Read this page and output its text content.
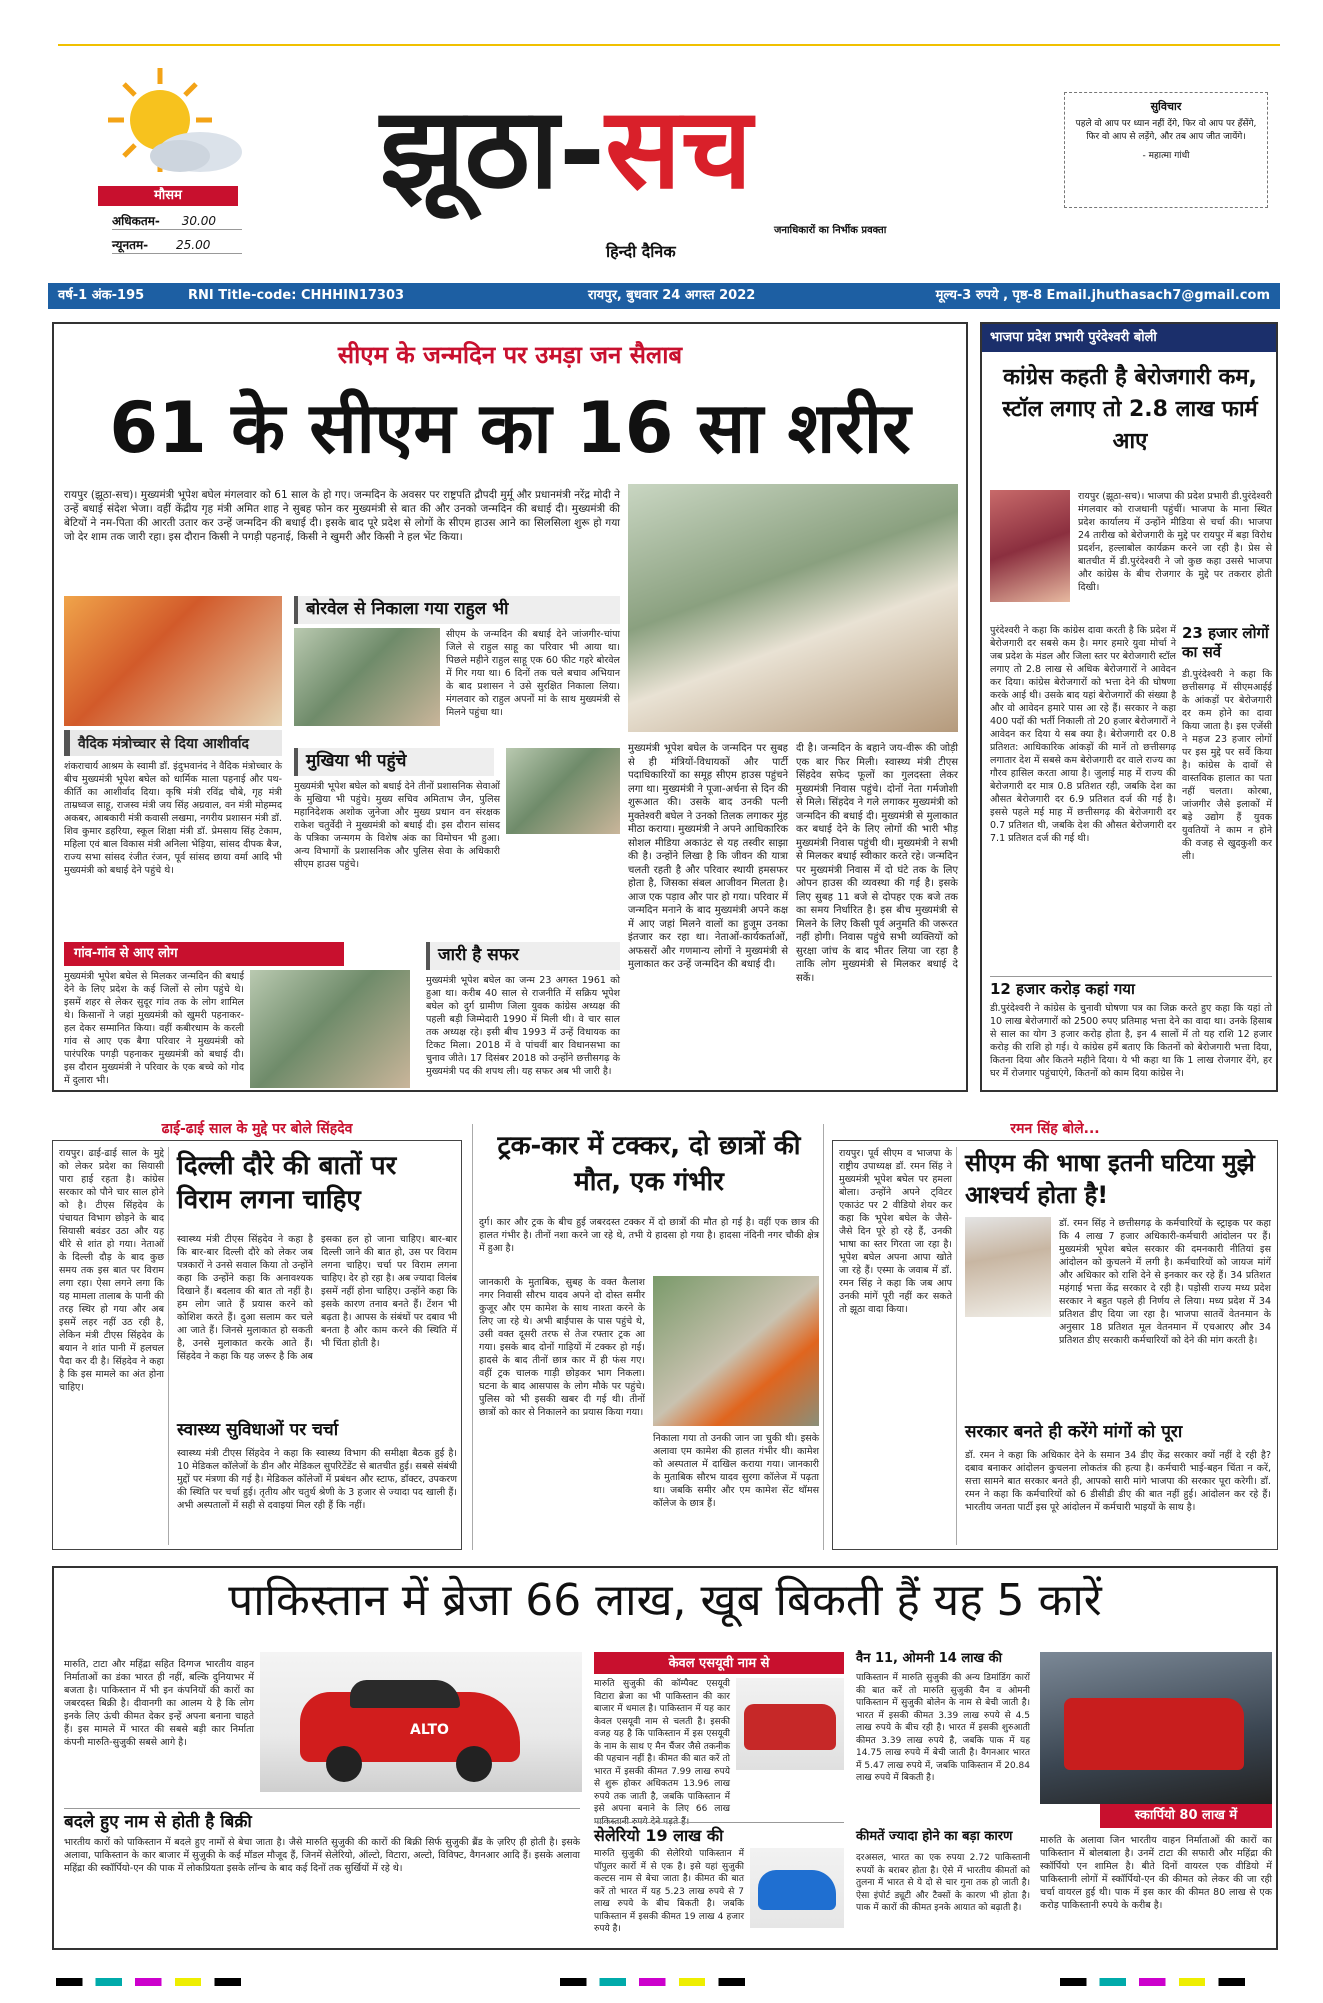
मौसम
अधिकतम- 30.00
न्यूनतम- 25.00
झूठा-सच
हिन्दी दैनिक
जनाधिकारों का निर्भीक प्रवक्ता
सुविचार
पहले वो आप पर ध्यान नहीं देंगे, फिर वो आप पर हँसेंगे, फिर वो आप से लड़ेंगे, और तब आप जीत जायेंगे।
- महात्मा गांधी
वर्ष-1 अंक-195	RNI Title-code: CHHHIN17303	रायपुर, बुधवार 24 अगस्त 2022	मूल्य-3 रुपये , पृष्ठ-8 Email.jhuthasach7@gmail.com
सीएम के जन्मदिन पर उमड़ा जन सैलाब
61 के सीएम का 16 सा शरीर
रायपुर (झूठा-सच)। मुख्यमंत्री भूपेश बघेल मंगलवार को 61 साल के हो गए। जन्मदिन के अवसर पर राष्ट्रपति द्रौपदी मुर्मू और प्रधानमंत्री नरेंद्र मोदी ने उन्हें बधाई संदेश भेजा। वहीं केंद्रीय गृह मंत्री अमित शाह ने सुबह फोन कर मुख्यमंत्री से बात की और उनको जन्मदिन की बधाई दी। मुख्यमंत्री की बेटियों ने नम-पिता की आरती उतार कर उन्हें जन्मदिन की बधाई दी। इसके बाद पूरे प्रदेश से लोगों के सीएम हाउस आने का सिलसिला शुरू हो गया जो देर शाम तक जारी रहा। इस दौरान किसी ने पगड़ी पहनाई, किसी ने खुमरी और किसी ने हल भेंट किया।
बोरवेल से निकाला गया राहुल भी
सीएम के जन्मदिन की बधाई देने जांजगीर-चांपा जिले से राहुल साहू का परिवार भी आया था। पिछले महीने राहुल साहू एक 60 फीट गहरे बोरवेल में गिर गया था। 6 दिनों तक चले बचाव अभियान के बाद प्रशासन ने उसे सुरक्षित निकाला लिया। मंगलवार को राहुल अपनों मां के साथ मुख्यमंत्री से मिलने पहुंचा था।
वैदिक मंत्रोच्चार से दिया आशीर्वाद
शंकराचार्य आश्रम के स्वामी डॉ. इंदुभवानंद ने वैदिक मंत्रोच्चार के बीच मुख्यमंत्री भूपेश बघेल को धार्मिक माला पहनाई और पथ-कीर्ति का आशीर्वाद दिया। कृषि मंत्री रविंद्र चौबे, गृह मंत्री ताम्रध्वज साहू, राजस्व मंत्री जय सिंह अग्रवाल, वन मंत्री मोहम्मद अकबर, आबकारी मंत्री कवासी लखमा, नगरीय प्रशासन मंत्री डॉ. शिव कुमार डहरिया, स्कूल शिक्षा मंत्री डॉ. प्रेमसाय सिंह टेकाम, महिला एवं बाल विकास मंत्री अनिला भेड़िया, सांसद दीपक बैज, राज्य सभा सांसद रंजीत रंजन, पूर्व सांसद छाया वर्मा आदि भी मुख्यमंत्री को बधाई देने पहुंचे थे।
मुखिया भी पहुंचे
मुख्यमंत्री भूपेश बघेल को बधाई देने तीनों प्रशासनिक सेवाओं के मुखिया भी पहुंचे। मुख्य सचिव अमिताभ जैन, पुलिस महानिदेशक अशोक जुनेजा और मुख्य प्रधान वन संरक्षक राकेश चतुर्वेदी ने मुख्यमंत्री को बधाई दी। इस दौरान सांसद के पत्रिका जन्मगम के विशेष अंक का विमोचन भी हुआ। अन्य विभागों के प्रशासनिक और पुलिस सेवा के अधिकारी सीएम हाउस पहुंचे।
गांव-गांव से आए लोग
मुख्यमंत्री भूपेश बघेल से मिलकर जन्मदिन की बधाई देने के लिए प्रदेश के कई जिलों से लोग पहुंचे थे। इसमें शहर से लेकर सुदूर गांव तक के लोग शामिल थे। किसानों ने जहां मुख्यमंत्री को खुमरी पहनाकर-हल देकर सम्मानित किया। वहीं कबीरधाम के करली गांव से आए एक बैगा परिवार ने मुख्यमंत्री को पारंपरिक पगड़ी पहनाकर मुख्यमंत्री को बधाई दी। इस दौरान मुख्यमंत्री ने परिवार के एक बच्चे को गोद में दुलारा भी।
जारी है सफर
मुख्यमंत्री भूपेश बघेल का जन्म 23 अगस्त 1961 को हुआ था। करीब 40 साल से राजनीति में सक्रिय भूपेश बघेल को दुर्ग ग्रामीण जिला युवक कांग्रेस अध्यक्ष की पहली बड़ी जिम्मेदारी 1990 में मिली थी। वे चार साल तक अध्यक्ष रहे। इसी बीच 1993 में उन्हें विधायक का टिकट मिला। 2018 में वे पांचवीं बार विधानसभा का चुनाव जीते। 17 दिसंबर 2018 को उन्होंने छत्तीसगढ़ के मुख्यमंत्री पद की शपथ ली। यह सफर अब भी जारी है।
मुख्यमंत्री भूपेश बघेल के जन्मदिन पर सुबह से ही मंत्रियों-विधायकों और पार्टी पदाधिकारियों का समूह सीएम हाउस पहुंचने लगा था। मुख्यमंत्री ने पूजा-अर्चना से दिन की शुरूआत की। उसके बाद उनकी पत्नी मुक्तेश्वरी बघेल ने उनको तिलक लगाकर मुंह मीठा कराया। मुख्यमंत्री ने अपने आधिकारिक सोशल मीडिया अकाउंट से यह तस्वीर साझा की है। उन्होंने लिखा है कि जीवन की यात्रा चलती रहती है और परिवार स्थायी हमसफर होता है, जिसका संबल आजीवन मिलता है। आज एक पड़ाव और पार हो गया। परिवार में जन्मदिन मनाने के बाद मुख्यमंत्री अपने कक्ष में आए जहां मिलने वालों का हुजूम उनका इंतजार कर रहा था। नेताओं-कार्यकर्ताओं, अफसरों और गणमान्य लोगों ने मुख्यमंत्री से मुलाकात कर उन्हें जन्मदिन की बधाई दी।
दी है। जन्मदिन के बहाने जय-वीरू की जोड़ी एक बार फिर मिली। स्वास्थ्य मंत्री टीएस सिंहदेव सफेद फूलों का गुलदस्ता लेकर मुख्यमंत्री निवास पहुंचे। दोनों नेता गर्मजोशी से मिले। सिंहदेव ने गले लगाकर मुख्यमंत्री को जन्मदिन की बधाई दी। मुख्यमंत्री से मुलाकात कर बधाई देने के लिए लोगों की भारी भीड़ मुख्यमंत्री निवास पहुंची थी। मुख्यमंत्री ने सभी से मिलकर बधाई स्वीकार करते रहे। जन्मदिन पर मुख्यमंत्री निवास में दो घंटे तक के लिए ओपन हाउस की व्यवस्था की गई है। इसके लिए सुबह 11 बजे से दोपहर एक बजे तक का समय निर्धारित है। इस बीच मुख्यमंत्री से मिलने के लिए किसी पूर्व अनुमति की जरूरत नहीं होगी। निवास पहुंचे सभी व्यक्तियों को सुरक्षा जांच के बाद भीतर लिया जा रहा है ताकि लोग मुख्यमंत्री से मिलकर बधाई दे सकें।
भाजपा प्रदेश प्रभारी पुरंदेश्वरी बोली
कांग्रेस कहती है बेरोजगारी कम, स्टॉल लगाए तो 2.8 लाख फार्म आए
रायपुर (झूठा-सच)। भाजपा की प्रदेश प्रभारी डी.पुरंदेश्वरी मंगलवार को राजधानी पहुंचीं। भाजपा के माना स्थित प्रदेश कार्यालय में उन्होंने मीडिया से चर्चा की। भाजपा 24 तारीख को बेरोजगारी के मुद्दे पर रायपुर में बड़ा विरोध प्रदर्शन, हल्लाबोल कार्यक्रम करने जा रही है। प्रेस से बातचीत में डी.पुरंदेश्वरी ने जो कुछ कहा उससे भाजपा और कांग्रेस के बीच रोजगार के मुद्दे पर तकरार होती दिखी।
पुरंदेश्वरी ने कहा कि कांग्रेस दावा करती है कि प्रदेश में बेरोजगारी दर सबसे कम है। मगर हमारे युवा मोर्चा ने जब प्रदेश के मंडल और जिला स्तर पर बेरोजगारी स्टॉल लगाए तो 2.8 लाख से अधिक बेरोजगारों ने आवेदन कर दिया। कांग्रेस बेरोजगारों को भत्ता देने की घोषणा करके आई थी। उसके बाद यहां बेरोजगारों की संख्या है और वो आवेदन हमारे पास आ रहे हैं। सरकार ने कहा 400 पदों की भर्ती निकाली तो 20 हजार बेरोजगारों ने आवेदन कर दिया ये सब क्या है। बेरोजगारी दर 0.8 प्रतिशत: आधिकारिक आंकड़ों की मानें तो छत्तीसगढ़ लगातार देश में सबसे कम बेरोजगारी दर वाले राज्य का गौरव हासिल करता आया है। जुलाई माह में राज्य की बेरोजगारी दर मात्र 0.8 प्रतिशत रही, जबकि देश का औसत बेरोजगारी दर 6.9 प्रतिशत दर्ज की गई है। इससे पहले मई माह में छत्तीसगढ़ की बेरोजगारी दर 0.7 प्रतिशत थी, जबकि देश की औसत बेरोजगारी दर 7.1 प्रतिशत दर्ज की गई थी।
23 हजार लोगों का सर्वे
डी.पुरंदेश्वरी ने कहा कि छत्तीसगढ़ में सीएमआईई के आंकड़ों पर बेरोजगारी दर कम होने का दावा किया जाता है। इस एजेंसी ने महज 23 हजार लोगों पर इस मुद्दे पर सर्वे किया है। कांग्रेस के दावों से वास्तविक हालात का पता नहीं चलता। कोरबा, जांजगीर जैसे इलाकों में बड़े उद्योग हैं युवक युवतियों ने काम न होने की वजह से खुदकुशी कर ली।
12 हजार करोड़ कहां गया
डी.पुरंदेश्वरी ने कांग्रेस के चुनावी घोषणा पत्र का जिक्र करते हुए कहा कि यहां तो 10 लाख बेरोजगारों को 2500 रुपए प्रतिमाह भत्ता देने का वादा था। उनके हिसाब से साल का योग 3 हजार करोड़ होता है, इन 4 सालों में तो यह राशि 12 हजार करोड़ की राशि हो गई। ये कांग्रेस हमें बताए कि कितनों को बेरोजगारी भत्ता दिया, कितना दिया और कितने महीने दिया। ये भी कहा था कि 1 लाख रोजगार देंगे, हर घर में रोजगार पहुंचाएंगे, कितनों को काम दिया कांग्रेस ने।
ढाई-ढाई साल के मुद्दे पर बोले सिंहदेव
रायपुर। ढाई-ढाई साल के मुद्दे को लेकर प्रदेश का सियासी पारा हाई रहता है। कांग्रेस सरकार को पौने चार साल होने को है। टीएस सिंहदेव के पंचायत विभाग छोड़ने के बाद सियासी बवंडर उठा और यह धीरे से शांत हो गया। नेताओं के दिल्ली दौड़ के बाद कुछ समय तक इस बात पर विराम लगा रहा। ऐसा लगने लगा कि यह मामला तालाब के पानी की तरह स्थिर हो गया और अब इसमें लहर नहीं उठ रही है, लेकिन मंत्री टीएस सिंहदेव के बयान ने शांत पानी में हलचल पैदा कर दी है। सिंहदेव ने कहा है कि इस मामले का अंत होना चाहिए।
दिल्ली दौरे की बातों पर विराम लगना चाहिए
स्वास्थ्य मंत्री टीएस सिंहदेव ने कहा है कि बार-बार दिल्ली दौरे को लेकर जब पत्रकारों ने उनसे सवाल किया तो उन्होंने कहा कि उन्होंने कहा कि अनावश्यक दिखाने हैं। बदलाव की बात तो नहीं है। हम लोग जाते हैं प्रयास करने को कोशिश करते हैं। दुआ सलाम कर चले आ जाते हैं। जिनसे मुलाकात हो सकती है, उनसे मुलाकात करके आते हैं। सिंहदेव ने कहा कि यह जरूर है कि अब इसका हल हो जाना चाहिए। बार-बार दिल्ली जाने की बात हो, उस पर विराम लगना चाहिए। चर्चा पर विराम लगना चाहिए। देर हो रहा है। अब ज्यादा विलंब इसमें नहीं होना चाहिए। उन्होंने कहा कि इसके कारण तनाव बनते हैं। टेंशन भी बढ़ता है। आपस के संबंधों पर दबाव भी बनता है और काम करने की स्थिति में भी चिंता होती है।
स्वास्थ्य सुविधाओं पर चर्चा
स्वास्थ्य मंत्री टीएस सिंहदेव ने कहा कि स्वास्थ्य विभाग की समीक्षा बैठक हुई है। 10 मेडिकल कॉलेजों के डीन और मेडिकल सुपरिटेंडेंट से बातचीत हुई। सबसे संबंधी मुद्दों पर मंत्रणा की गई है। मेडिकल कॉलेजों में प्रबंधन और स्टाफ, डॉक्टर, उपकरण की स्थिति पर चर्चा हुई। तृतीय और चतुर्थ श्रेणी के 3 हजार से ज्यादा पद खाली हैं। अभी अस्पतालों में सही से दवाइयां मिल रही हैं कि नहीं।
ट्रक-कार में टक्कर, दो छात्रों की मौत, एक गंभीर
दुर्ग। कार और ट्रक के बीच हुई जबरदस्त टक्कर में दो छात्रों की मौत हो गई है। वहीं एक छात्र की हालत गंभीर है। तीनों नशा करने जा रहे थे, तभी ये हादसा हो गया है। हादसा नंदिनी नगर चौकी क्षेत्र में हुआ है।
जानकारी के मुताबिक, सुबह के वक्त कैलाश नगर निवासी सौरभ यादव अपने दो दोस्त समीर कुजूर और एम कामेश के साथ नाश्ता करने के लिए जा रहे थे। अभी बाईपास के पास पहुंचे थे, उसी वक्त दूसरी तरफ से तेज रफ्तार ट्रक आ गया। इसके बाद दोनों गाड़ियों में टक्कर हो गई। हादसे के बाद तीनों छात्र कार में ही फंस गए। वहीं ट्रक चालक गाड़ी छोड़कर भाग निकला। घटना के बाद आसपास के लोग मौके पर पहुंचे। पुलिस को भी इसकी खबर दी गई थी। तीनों छात्रों को कार से निकालने का प्रयास किया गया।
निकाला गया तो उनकी जान जा चुकी थी। इसके अलावा एम कामेश की हालत गंभीर थी। कामेश को अस्पताल में दाखिल कराया गया। जानकारी के मुताबिक सौरभ यादव सुरगा कॉलेज में पढ़ता था। जबकि समीर और एम कामेश सेंट थॉमस कॉलेज के छात्र हैं।
रमन सिंह बोले...
रायपुर। पूर्व सीएम व भाजपा के राष्ट्रीय उपाध्यक्ष डॉ. रमन सिंह ने मुख्यमंत्री भूपेश बघेल पर हमला बोला। उन्होंने अपने ट्विटर एकाउंट पर 2 वीडियो शेयर कर कहा कि भूपेश बघेल के जैसे-जैसे दिन पूरे हो रहे हैं, उनकी भाषा का स्तर गिरता जा रहा है। भूपेश बघेल अपना आपा खोते जा रहे हैं। एस्मा के जवाब में डॉ. रमन सिंह ने कहा कि जब आप उनकी मांगें पूरी नहीं कर सकते तो झूठा वादा किया।
सीएम की भाषा इतनी घटिया मुझे आश्चर्य होता है!
डॉ. रमन सिंह ने छत्तीसगढ़ के कर्मचारियों के स्ट्राइक पर कहा कि 4 लाख 7 हजार अधिकारी-कर्मचारी आंदोलन पर हैं। मुख्यमंत्री भूपेश बघेल सरकार की दमनकारी नीतियां इस आंदोलन को कुचलने में लगी है। कर्मचारियों को जायज मांगें और अधिकार को राशि देने से इनकार कर रहे हैं। 34 प्रतिशत महंगाई भत्ता केंद्र सरकार दे रही है। पड़ोसी राज्य मध्य प्रदेश सरकार ने बहुत पहले ही निर्णय ले लिया। मध्य प्रदेश में 34 प्रतिशत डीए दिया जा रहा है। भाजपा सातवें वेतनमान के अनुसार 18 प्रतिशत मूल वेतनमान में एचआरए और 34 प्रतिशत डीए सरकारी कर्मचारियों को देने की मांग करती है।
सरकार बनते ही करेंगे मांगों को पूरा
डॉ. रमन ने कहा कि अधिकार देने के समान 34 डीए केंद्र सरकार क्यों नहीं दे रही है? दबाव बनाकर आंदोलन कुचलना लोकतंत्र की हत्या है। कर्मचारी भाई-बहन चिंता न करें, सत्ता सामने बात सरकार बनते ही, आपको सारी मांगे भाजपा की सरकार पूरा करेगी। डॉ. रमन ने कहा कि कर्मचारियों को 6 डीसीडी डीए की बात नहीं हुई। आंदोलन कर रहे हैं। भारतीय जनता पार्टी इस पूरे आंदोलन में कर्मचारी भाइयों के साथ है।
पाकिस्तान में ब्रेजा 66 लाख, खूब बिकती हैं यह 5 कारें
मारुति, टाटा और महिंद्रा सहित दिग्गज भारतीय वाहन निर्माताओं का डंका भारत ही नहीं, बल्कि दुनियाभर में बजता है। पाकिस्तान में भी इन कंपनियों की कारों का जबरदस्त बिक्री है। दीवानगी का आलम ये है कि लोग इनके लिए ऊंची कीमत देकर इन्हें अपना बनाना चाहते हैं। इस मामले में भारत की सबसे बड़ी कार निर्माता कंपनी मारुति-सुजुकी सबसे आगे है।
ALTO
बदले हुए नाम से होती है बिक्री
भारतीय कारों को पाकिस्तान में बदले हुए नामों से बेचा जाता है। जैसे मारुति सुजुकी की कारों की बिक्री सिर्फ सुजुकी ब्रैंड के ज़रिए ही होती है। इसके अलावा, पाकिस्तान के कार बाजार में सुजुकी के कई मॉडल मौजूद हैं, जिनमें सेलेरियो, ऑल्टो, विटारा, अल्टो, विविफ्ट, वैगनआर आदि हैं। इसके अलावा महिंद्रा की स्कॉर्पियो-एन की पाक में लोकप्रियता इसके लॉन्च के बाद कई दिनों तक सुर्खियों में रहे थे।
केवल एसयूवी नाम से
मारुति सुजुकी की कॉम्पैक्ट एसयूवी विटारा ब्रेजा का भी पाकिस्तान की कार बाजार में धमाल है। पाकिस्तान में यह कार केवल एसयूवी नाम से चलती है। इसकी वजह यह है कि पाकिस्तान में इस एसयूवी के नाम के साथ ए मैन चैंजर जैसे तकनीक की पहचान नहीं है। कीमत की बात करें तो भारत में इसकी कीमत 7.99 लाख रुपये से शुरू होकर अधिकतम 13.96 लाख रुपये तक जाती है, जबकि पाकिस्तान में इसे अपना बनाने के लिए 66 लाख पाकिस्तानी रुपये देने पड़ते हैं।
सेलेरियो 19 लाख की
मारुति सुजुकी की सेलेरियो पाकिस्तान में पॉपुलर कारों में से एक है। इसे यहां सुजुकी कल्टस नाम से बेचा जाता है। कीमत की बात करें तो भारत में यह 5.23 लाख रुपये से 7 लाख रुपये के बीच बिकती है। जबकि पाकिस्तान में इसकी कीमत 19 लाख 4 हजार रुपये है।
वैन 11, ओमनी 14 लाख की
पाकिस्तान में मारुति सुजुकी की अन्य डिमांडिंग कारों की बात करें तो मारुति सुजुकी वैन व ओमनी पाकिस्तान में सुजुकी बोलेन के नाम से बेची जाती है। भारत में इसकी कीमत 3.39 लाख रुपये से 4.5 लाख रुपये के बीच रही है। भारत में इसकी शुरुआती कीमत 3.39 लाख रुपये है, जबकि पाक में यह 14.75 लाख रुपये में बेची जाती है। वैगनआर भारत में 5.47 लाख रुपये में, जबकि पाकिस्तान में 20.84 लाख रुपये में बिकती है।
कीमतें ज्यादा होने का बड़ा कारण
दरअसल, भारत का एक रुपया 2.72 पाकिस्तानी रुपयों के बराबर होता है। ऐसे में भारतीय कीमतों को तुलना में भारत से ये दो से चार गुना तक हो जाती है। ऐसा इंपोर्ट ड्यूटी और टैक्सों के कारण भी होता है। पाक में कारों की कीमत इनके आयात को बढ़ाती है।
स्कार्पियो 80 लाख में
मारुति के अलावा जिन भारतीय वाहन निर्माताओं की कारों का पाकिस्तान में बोलबाला है। उनमें टाटा की सफारी और महिंद्रा की स्कॉर्पियो एन शामिल है। बीते दिनों वायरल एक वीडियो में पाकिस्तानी लोगों में स्कॉर्पियो-एन की कीमत को लेकर की जा रही चर्चा वायरल हुई थी। पाक में इस कार की कीमत 80 लाख से एक करोड़ पाकिस्तानी रुपये के करीब है।
